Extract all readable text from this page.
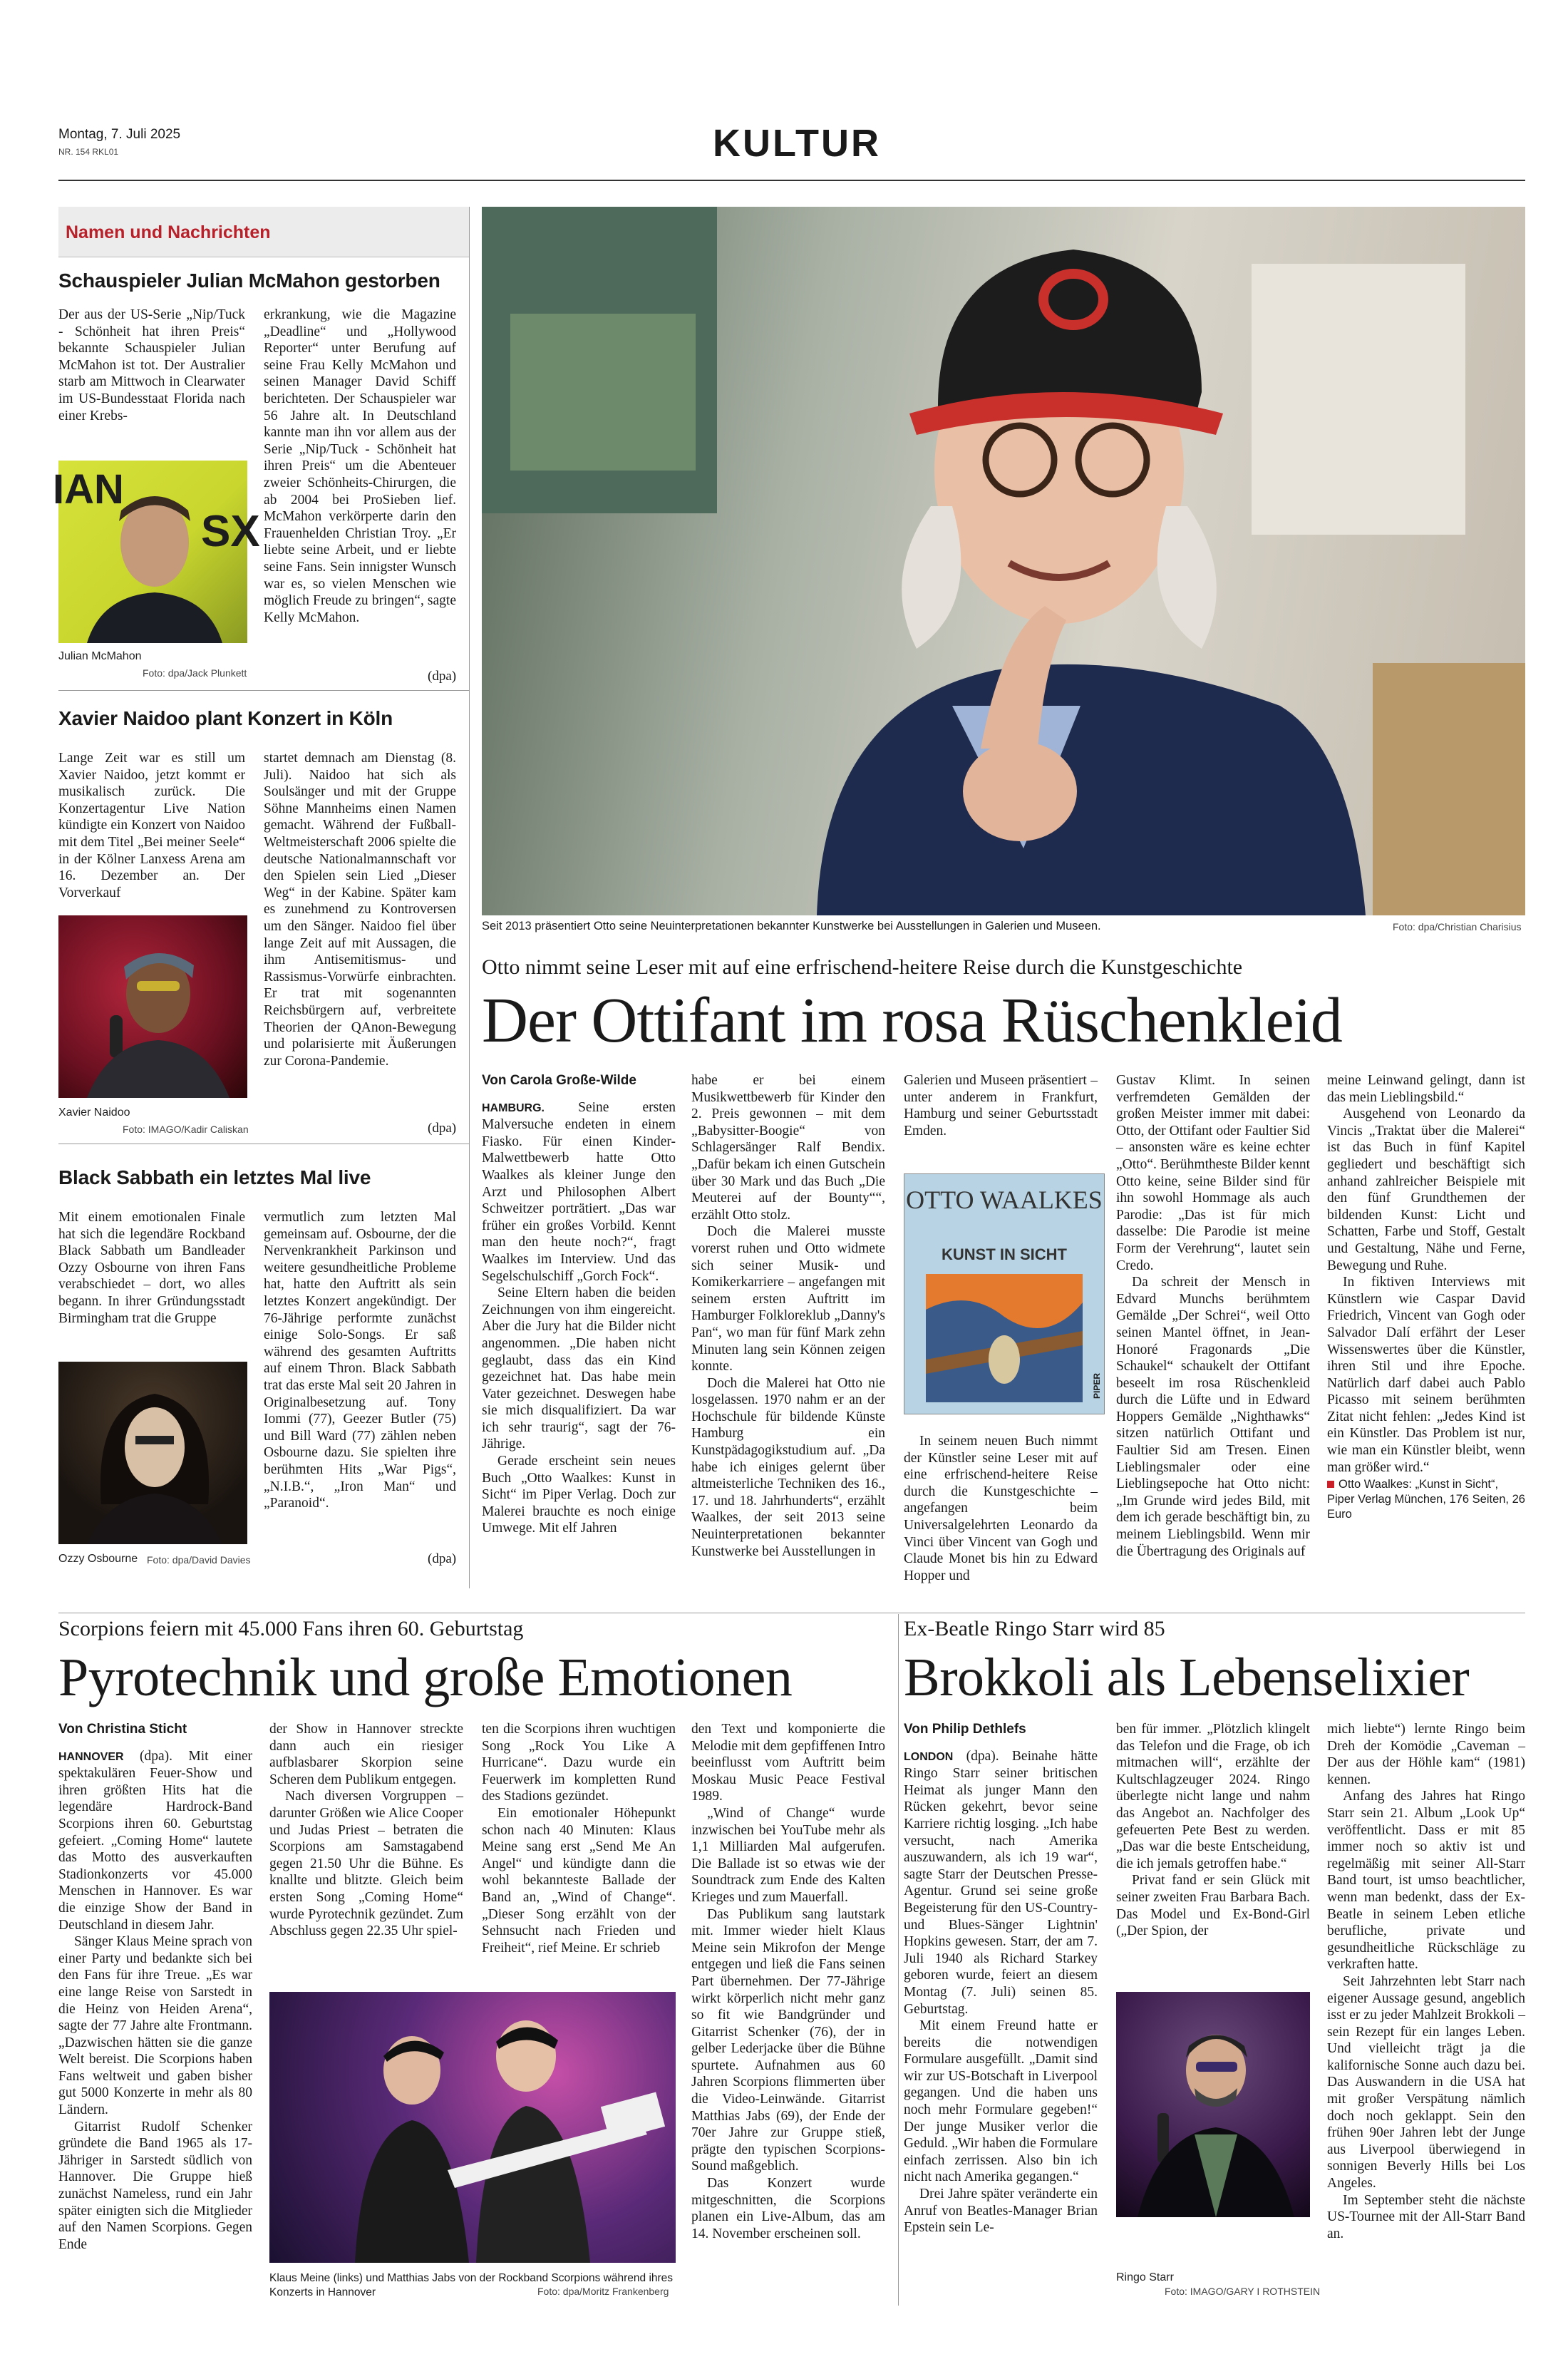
Montag, 7. Juli 2025
NR. 154 RKL01	KULTUR
Namen und Nachrichten
Schauspieler Julian McMahon gestorben

Der aus der US-Serie „Nip/Tuck - Schönheit hat ihren Preis“ bekannte Schauspieler Julian McMahon ist tot. Der Australier starb am Mittwoch in Clearwater im US-Bundesstaat Florida nach einer Krebs-

erkrankung, wie die Magazine „Deadline“ und „Hollywood Reporter“ unter Berufung auf seine Frau Kelly McMahon und seinen Manager David Schiff berichteten. Der Schauspieler war 56 Jahre alt. In Deutschland kannte man ihn vor allem aus der Serie „Nip/Tuck - Schönheit hat ihren Preis“ um die Abenteuer zweier Schönheits-Chirurgen, die ab 2004 bei ProSieben lief. McMahon verkörperte darin den Frauenhelden Christian Troy. „Er liebte seine Arbeit, und er liebte seine Fans. Sein innigster Wunsch war es, so vielen Menschen wie möglich Freude zu bringen“, sagte Kelly McMahon.

(dpa)
IAN
SX
Julian McMahon
Foto: dpa/Jack Plunkett
Xavier Naidoo plant Konzert in Köln

Lange Zeit war es still um Xavier Naidoo, jetzt kommt er musikalisch zurück. Die Konzertagentur Live Nation kündigte ein Konzert von Naidoo mit dem Titel „Bei meiner Seele“ in der Kölner Lanxess Arena am 16. Dezember an. Der Vorverkauf

startet demnach am Dienstag (8. Juli). Naidoo hat sich als Soulsänger und mit der Gruppe Söhne Mannheims einen Namen gemacht. Während der Fußball-Weltmeisterschaft 2006 spielte die deutsche Nationalmannschaft vor den Spielen sein Lied „Dieser Weg“ in der Kabine. Später kam es zunehmend zu Kontroversen um den Sänger. Naidoo fiel über lange Zeit auf mit Aussagen, die ihm Antisemitismus- und Rassismus-Vorwürfe einbrachten. Er trat mit sogenannten Reichsbürgern auf, verbreitete Theorien der QAnon-Bewegung und polarisierte mit Äußerungen zur Corona-Pandemie.

(dpa)
Xavier Naidoo
Foto: IMAGO/Kadir Caliskan
Black Sabbath ein letztes Mal live

Mit einem emotionalen Finale hat sich die legendäre Rockband Black Sabbath um Bandleader Ozzy Osbourne von ihren Fans verabschiedet – dort, wo alles begann. In ihrer Gründungsstadt Birmingham trat die Gruppe

vermutlich zum letzten Mal gemeinsam auf. Osbourne, der die Nervenkrankheit Parkinson und weitere gesundheitliche Probleme hat, hatte den Auftritt als sein letztes Konzert angekündigt. Der 76-Jährige performte zunächst einige Solo-Songs. Er saß während des gesamten Auftritts auf einem Thron. Black Sabbath trat das erste Mal seit 20 Jahren in Originalbesetzung auf. Tony Iommi (77), Geezer Butler (75) und Bill Ward (77) zählen neben Osbourne dazu. Sie spielten ihre berühmten Hits „War Pigs“, „N.I.B.“, „Iron Man“ und „Paranoid“.

(dpa)
Ozzy Osbourne Foto: dpa/David Davies
Seit 2013 präsentiert Otto seine Neuinterpretationen bekannter Kunstwerke bei Ausstellungen in Galerien und Museen.	Foto: dpa/Christian Charisius
Otto nimmt seine Leser mit auf eine erfrischend-heitere Reise durch die Kunstgeschichte
Der Ottifant im rosa Rüschenkleid
Von Carola Große-Wilde

HAMBURG. Seine ersten Malversuche endeten in einem Fiasko. Für einen Kinder-Malwettbewerb hatte Otto Waalkes als kleiner Junge den Arzt und Philosophen Albert Schweitzer porträtiert. „Das war früher ein großes Vorbild. Kennt man den heute noch?“, fragt Waalkes im Interview. Und das Segelschulschiff „Gorch Fock“.

Seine Eltern haben die beiden Zeichnungen von ihm eingereicht. Aber die Jury hat die Bilder nicht angenommen. „Die haben nicht geglaubt, dass das ein Kind gezeichnet hat. Das habe mein Vater gezeichnet. Deswegen habe sie mich disqualifiziert. Da war ich sehr traurig“, sagt der 76-Jährige.

Gerade erscheint sein neues Buch „Otto Waalkes: Kunst in Sicht“ im Piper Verlag. Doch zur Malerei brauchte es noch einige Umwege. Mit elf Jahren

habe er bei einem Musikwettbewerb für Kinder den 2. Preis gewonnen – mit dem „Babysitter-Boogie“ von Schlagersänger Ralf Bendix. „Dafür bekam ich einen Gutschein über 30 Mark und das Buch „Die Meuterei auf der Bounty““, erzählt Otto stolz.

Doch die Malerei musste vorerst ruhen und Otto widmete sich seiner Musik- und Komikerkarriere – angefangen mit seinem ersten Auftritt im Hamburger Folkloreklub „Danny's Pan“, wo man für fünf Mark zehn Minuten lang sein Können zeigen konnte.

Doch die Malerei hat Otto nie losgelassen. 1970 nahm er an der Hochschule für bildende Künste Hamburg ein Kunstpädagogikstudium auf. „Da habe ich einiges gelernt über altmeisterliche Techniken des 16., 17. und 18. Jahrhunderts“, erzählt Waalkes, der seit 2013 seine Neuinterpretationen bekannter Kunstwerke bei Ausstellungen in

Galerien und Museen präsentiert – unter anderem in Frankfurt, Hamburg und seiner Geburtsstadt Emden.

OTTO WAALKES
KUNST IN SICHT
PIPER

In seinem neuen Buch nimmt der Künstler seine Leser mit auf eine erfrischend-heitere Reise durch die Kunstgeschichte – angefangen beim Universalgelehrten Leonardo da Vinci über Vincent van Gogh und Claude Monet bis hin zu Edward Hopper und

Gustav Klimt. In seinen verfremdeten Gemälden der großen Meister immer mit dabei: Otto, der Ottifant oder Faultier Sid – ansonsten wäre es keine echter „Otto“. Berühmtheste Bilder kennt Otto keine, seine Bilder sind für ihn sowohl Hommage als auch Parodie: „Das ist für mich dasselbe: Die Parodie ist meine Form der Verehrung“, lautet sein Credo.

Da schreit der Mensch in Edvard Munchs berühmtem Gemälde „Der Schrei“, weil Otto seinen Mantel öffnet, in Jean-Honoré Fragonards „Die Schaukel“ schaukelt der Ottifant beseelt im rosa Rüschenkleid durch die Lüfte und in Edward Hoppers Gemälde „Nighthawks“ sitzen natürlich Ottifant und Faultier Sid am Tresen. Einen Lieblingsmaler oder eine Lieblingsepoche hat Otto nicht: „Im Grunde wird jedes Bild, mit dem ich gerade beschäftigt bin, zu meinem Lieblingsbild. Wenn mir die Übertragung des Originals auf

meine Leinwand gelingt, dann ist das mein Lieblingsbild.“

Ausgehend von Leonardo da Vincis „Traktat über die Malerei“ ist das Buch in fünf Kapitel gegliedert und beschäftigt sich anhand zahlreicher Beispiele mit den fünf Grundthemen der bildenden Kunst: Licht und Schatten, Farbe und Stoff, Gestalt und Gestaltung, Nähe und Ferne, Bewegung und Ruhe.

In fiktiven Interviews mit Künstlern wie Caspar David Friedrich, Vincent van Gogh oder Salvador Dalí erfährt der Leser Wissenswertes über die Künstler, ihren Stil und ihre Epoche. Natürlich darf dabei auch Pablo Picasso mit seinem berühmten Zitat nicht fehlen: „Jedes Kind ist ein Künstler. Das Problem ist nur, wie man ein Künstler bleibt, wenn man größer wird.“

Otto Waalkes: „Kunst in Sicht“, Piper Verlag München, 176 Seiten, 26 Euro
Scorpions feiern mit 45.000 Fans ihren 60. Geburtstag
Pyrotechnik und große Emotionen
Von Christina Sticht

HANNOVER (dpa). Mit einer spektakulären Feuer-Show und ihren größten Hits hat die legendäre Hardrock-Band Scorpions ihren 60. Geburtstag gefeiert. „Coming Home“ lautete das Motto des ausverkauften Stadionkonzerts vor 45.000 Menschen in Hannover. Es war die einzige Show der Band in Deutschland in diesem Jahr.

Sänger Klaus Meine sprach von einer Party und bedankte sich bei den Fans für ihre Treue. „Es war eine lange Reise von Sarstedt in die Heinz von Heiden Arena“, sagte der 77 Jahre alte Frontmann. „Dazwischen hätten sie die ganze Welt bereist. Die Scorpions haben Fans weltweit und gaben bisher gut 5000 Konzerte in mehr als 80 Ländern.

Gitarrist Rudolf Schenker gründete die Band 1965 als 17-Jähriger in Sarstedt südlich von Hannover. Die Gruppe hieß zunächst Nameless, rund ein Jahr später einigten sich die Mitglieder auf den Namen Scorpions. Gegen Ende

der Show in Hannover streckte dann auch ein riesiger aufblasbarer Skorpion seine Scheren dem Publikum entgegen.

Nach diversen Vorgruppen – darunter Größen wie Alice Cooper und Judas Priest – betraten die Scorpions am Samstagabend gegen 21.50 Uhr die Bühne. Es knallte und blitzte. Gleich beim ersten Song „Coming Home“ wurde Pyrotechnik gezündet. Zum Abschluss gegen 22.35 Uhr spiel-

ten die Scorpions ihren wuchtigen Song „Rock You Like A Hurricane“. Dazu wurde ein Feuerwerk im kompletten Rund des Stadions gezündet.

Ein emotionaler Höhepunkt schon nach 40 Minuten: Klaus Meine sang erst „Send Me An Angel“ und kündigte dann die wohl bekannteste Ballade der Band an, „Wind of Change“. „Dieser Song erzählt von der Sehnsucht nach Frieden und Freiheit“, rief Meine. Er schrieb

den Text und komponierte die Melodie mit dem gepfiffenen Intro beeinflusst vom Auftritt beim Moskau Music Peace Festival 1989.

„Wind of Change“ wurde inzwischen bei YouTube mehr als 1,1 Milliarden Mal aufgerufen. Die Ballade ist so etwas wie der Soundtrack zum Ende des Kalten Krieges und zum Mauerfall.

Das Publikum sang lautstark mit. Immer wieder hielt Klaus Meine sein Mikrofon der Menge entgegen und ließ die Fans seinen Part übernehmen. Der 77-Jährige wirkt körperlich nicht mehr ganz so fit wie Bandgründer und Gitarrist Schenker (76), der in gelber Lederjacke über die Bühne spurtete. Aufnahmen aus 60 Jahren Scorpions flimmerten über die Video-Leinwände. Gitarrist Matthias Jabs (69), der Ende der 70er Jahre zur Gruppe stieß, prägte den typischen Scorpions-Sound maßgeblich.

Das Konzert wurde mitgeschnitten, die Scorpions planen ein Live-Album, das am 14. November erscheinen soll.

Klaus Meine (links) und Matthias Jabs von der Rockband Scorpions während ihres Konzerts in Hannover	Foto: dpa/Moritz Frankenberg
Ex-Beatle Ringo Starr wird 85
Brokkoli als Lebenselixier
Von Philip Dethlefs

LONDON (dpa). Beinahe hätte Ringo Starr seiner britischen Heimat als junger Mann den Rücken gekehrt, bevor seine Karriere richtig losging. „Ich habe versucht, nach Amerika auszuwandern, als ich 19 war“, sagte Starr der Deutschen Presse-Agentur. Grund sei seine große Begeisterung für den US-Country- und Blues-Sänger Lightnin' Hopkins gewesen. Starr, der am 7. Juli 1940 als Richard Starkey geboren wurde, feiert an diesem Montag (7. Juli) seinen 85. Geburtstag.

Mit einem Freund hatte er bereits die notwendigen Formulare ausgefüllt. „Damit sind wir zur US-Botschaft in Liverpool gegangen. Und die haben uns noch mehr Formulare gegeben!“ Der junge Musiker verlor die Geduld. „Wir haben die Formulare einfach zerrissen. Also bin ich nicht nach Amerika gegangen.“

Drei Jahre später veränderte ein Anruf von Beatles-Manager Brian Epstein sein Le-

ben für immer. „Plötzlich klingelt das Telefon und die Frage, ob ich mitmachen will“, erzählte der Kultschlagzeuger 2024. Ringo überlegte nicht lange und nahm das Angebot an. Nachfolger des gefeuerten Pete Best zu werden. „Das war die beste Entscheidung, die ich jemals getroffen habe.“

Privat fand er sein Glück mit seiner zweiten Frau Barbara Bach. Das Model und Ex-Bond-Girl („Der Spion, der

Ringo Starr
Foto: IMAGO/GARY I ROTHSTEIN

mich liebte“) lernte Ringo beim Dreh der Komödie „Caveman – Der aus der Höhle kam“ (1981) kennen.

Anfang des Jahres hat Ringo Starr sein 21. Album „Look Up“ veröffentlicht. Dass er mit 85 immer noch so aktiv ist und regelmäßig mit seiner All-Starr Band tourt, ist umso beachtlicher, wenn man bedenkt, dass der Ex-Beatle in seinem Leben etliche berufliche, private und gesundheitliche Rückschläge zu verkraften hatte.

Seit Jahrzehnten lebt Starr nach eigener Aussage gesund, angeblich isst er zu jeder Mahlzeit Brokkoli – sein Rezept für ein langes Leben. Und vielleicht trägt ja die kalifornische Sonne auch dazu bei. Das Auswandern in die USA hat mit großer Verspätung nämlich doch noch geklappt. Sein den frühen 90er Jahren lebt der Junge aus Liverpool überwiegend in sonnigen Beverly Hills bei Los Angeles.

Im September steht die nächste US-Tournee mit der All-Starr Band an.
